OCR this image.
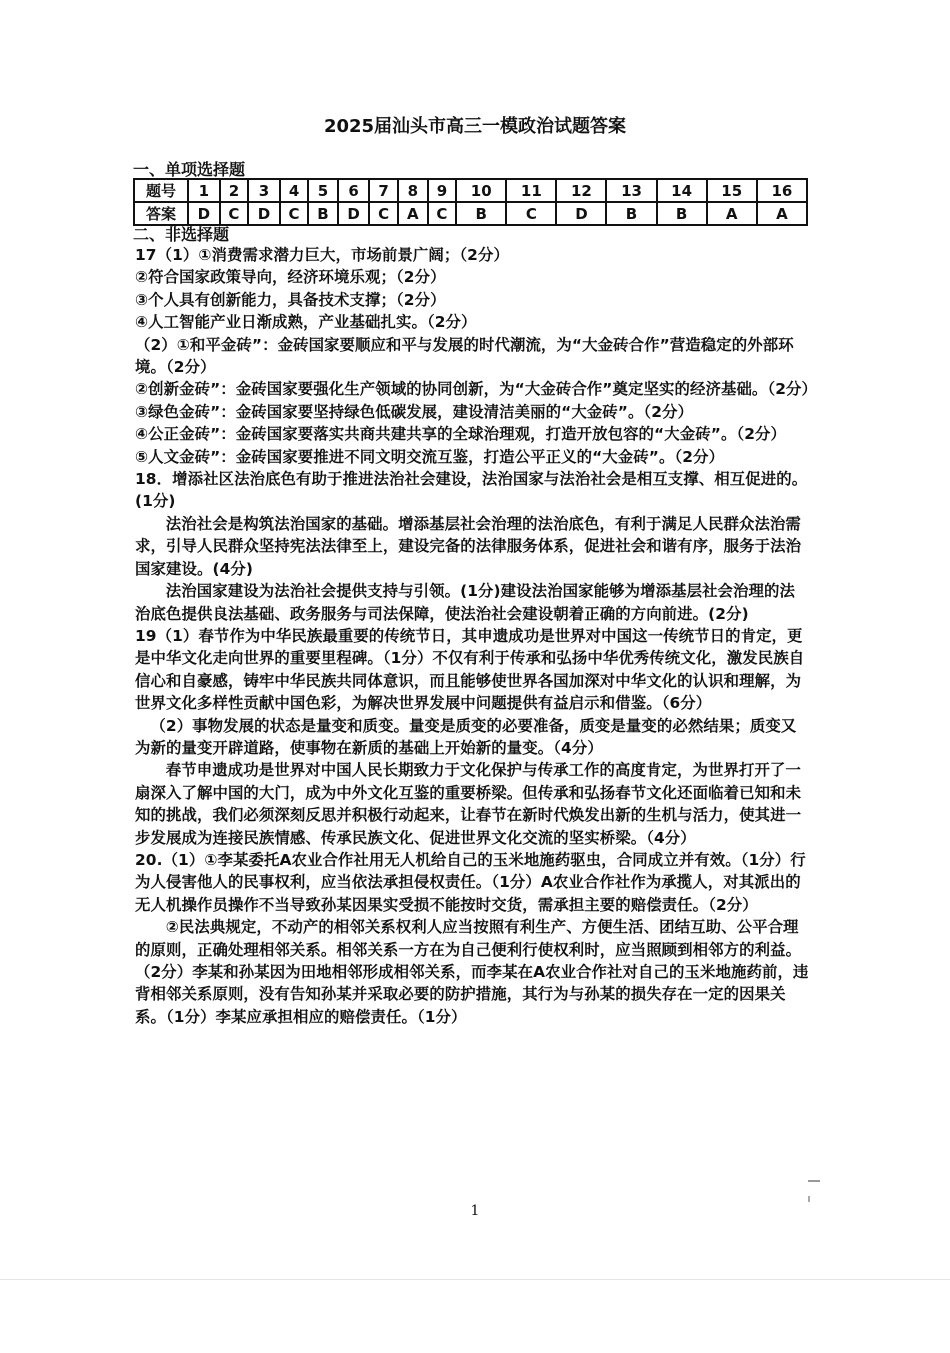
2025届汕头市高三一模政治试题答案
一、单项选择题
题号	1	2	3	4	5	6	7	8	9	10	11	12	13	14	15	16
答案	D	C	D	C	B	D	C	A	C	B	C	D	B	B	A	A
二、非选择题

17（1）①消费需求潜力巨大，市场前景广阔；（2分）

②符合国家政策导向，经济环境乐观；（2分）

③个人具有创新能力，具备技术支撑；（2分）

④人工智能产业日渐成熟，产业基础扎实。（2分）

（2）①和平金砖”：金砖国家要顺应和平与发展的时代潮流，为“大金砖合作”营造稳定的外部环境。（2分）

②创新金砖”：金砖国家要强化生产领域的协同创新，为“大金砖合作”奠定坚实的经济基础。（2分）

③绿色金砖”：金砖国家要坚持绿色低碳发展，建设清洁美丽的“大金砖”。（2分）

④公正金砖”：金砖国家要落实共商共建共享的全球治理观，打造开放包容的“大金砖”。（2分）

⑤人文金砖”：金砖国家要推进不同文明交流互鉴，打造公平正义的“大金砖”。（2分）

18．增添社区法治底色有助于推进法治社会建设，法治国家与法治社会是相互支撑、相互促进的。(1分)

法治社会是构筑法治国家的基础。增添基层社会治理的法治底色，有利于满足人民群众法治需求，引导人民群众坚持宪法法律至上，建设完备的法律服务体系，促进社会和谐有序，服务于法治国家建设。(4分)

法治国家建设为法治社会提供支持与引领。(1分)建设法治国家能够为增添基层社会治理的法治底色提供良法基础、政务服务与司法保障，使法治社会建设朝着正确的方向前进。(2分)

19（1）春节作为中华民族最重要的传统节日，其申遗成功是世界对中国这一传统节日的肯定，更是中华文化走向世界的重要里程碑。（1分）不仅有利于传承和弘扬中华优秀传统文化，激发民族自信心和自豪感，铸牢中华民族共同体意识，而且能够使世界各国加深对中华文化的认识和理解，为世界文化多样性贡献中国色彩，为解决世界发展中问题提供有益启示和借鉴。（6分）

（2）事物发展的状态是量变和质变。量变是质变的必要准备，质变是量变的必然结果；质变又为新的量变开辟道路，使事物在新质的基础上开始新的量变。（4分）

春节申遗成功是世界对中国人民长期致力于文化保护与传承工作的高度肯定，为世界打开了一扇深入了解中国的大门，成为中外文化互鉴的重要桥梁。但传承和弘扬春节文化还面临着已知和未知的挑战，我们必须深刻反思并积极行动起来，让春节在新时代焕发出新的生机与活力，使其进一步发展成为连接民族情感、传承民族文化、促进世界文化交流的坚实桥梁。（4分）

20.（1）①李某委托A农业合作社用无人机给自己的玉米地施药驱虫，合同成立并有效。（1分）行为人侵害他人的民事权利，应当依法承担侵权责任。（1分）A农业合作社作为承揽人，对其派出的无人机操作员操作不当导致孙某因果实受损不能按时交货，需承担主要的赔偿责任。（2分）

②民法典规定，不动产的相邻关系权利人应当按照有利生产、方便生活、团结互助、公平合理的原则，正确处理相邻关系。相邻关系一方在为自己便利行使权利时，应当照顾到相邻方的利益。（2分）李某和孙某因为田地相邻形成相邻关系，而李某在A农业合作社对自己的玉米地施药前，违背相邻关系原则，没有告知孙某并采取必要的防护措施，其行为与孙某的损失存在一定的因果关系。（1分）李某应承担相应的赔偿责任。（1分）

1
